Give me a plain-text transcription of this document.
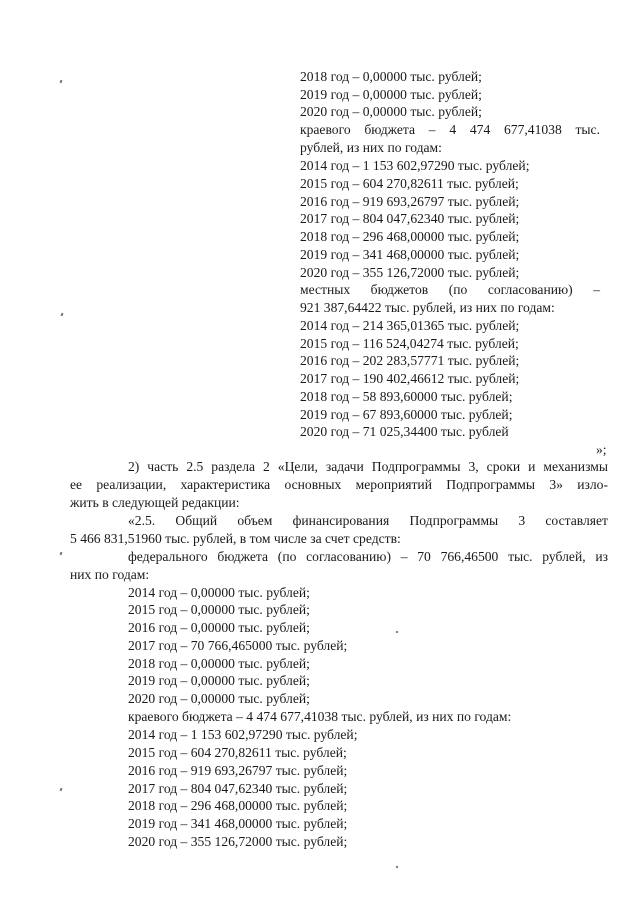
2018 год – 0,00000 тыс. рублей;
2019 год – 0,00000 тыс. рублей;
2020 год – 0,00000 тыс. рублей;
краевого бюджета – 4 474 677,41038 тыс.
рублей, из них по годам:
2014 год – 1 153 602,97290 тыс. рублей;
2015 год – 604 270,82611 тыс. рублей;
2016 год – 919 693,26797 тыс. рублей;
2017 год – 804 047,62340 тыс. рублей;
2018 год – 296 468,00000 тыс. рублей;
2019 год – 341 468,00000 тыс. рублей;
2020 год – 355 126,72000 тыс. рублей;
местных бюджетов (по согласованию) –
921 387,64422 тыс. рублей, из них по годам:
2014 год – 214 365,01365 тыс. рублей;
2015 год – 116 524,04274 тыс. рублей;
2016 год – 202 283,57771 тыс. рублей;
2017 год – 190 402,46612 тыс. рублей;
2018 год – 58 893,60000 тыс. рублей;
2019 год – 67 893,60000 тыс. рублей;
2020 год – 71 025,34400 тыс. рублей
»;
2) часть 2.5 раздела 2 «Цели, задачи Подпрограммы 3, сроки и механизмы
ее реализации, характеристика основных мероприятий Подпрограммы 3» изло-
жить в следующей редакции:
«2.5. Общий объем финансирования Подпрограммы 3 составляет
5 466 831,51960 тыс. рублей, в том числе за счет средств:
федерального бюджета (по согласованию) – 70 766,46500 тыс. рублей, из
них по годам:
2014 год – 0,00000 тыс. рублей;
2015 год – 0,00000 тыс. рублей;
2016 год – 0,00000 тыс. рублей;
2017 год – 70 766,465000 тыс. рублей;
2018 год – 0,00000 тыс. рублей;
2019 год – 0,00000 тыс. рублей;
2020 год – 0,00000 тыс. рублей;
краевого бюджета – 4 474 677,41038 тыс. рублей, из них по годам:
2014 год – 1 153 602,97290 тыс. рублей;
2015 год – 604 270,82611 тыс. рублей;
2016 год – 919 693,26797 тыс. рублей;
2017 год – 804 047,62340 тыс. рублей;
2018 год – 296 468,00000 тыс. рублей;
2019 год – 341 468,00000 тыс. рублей;
2020 год – 355 126,72000 тыс. рублей;
